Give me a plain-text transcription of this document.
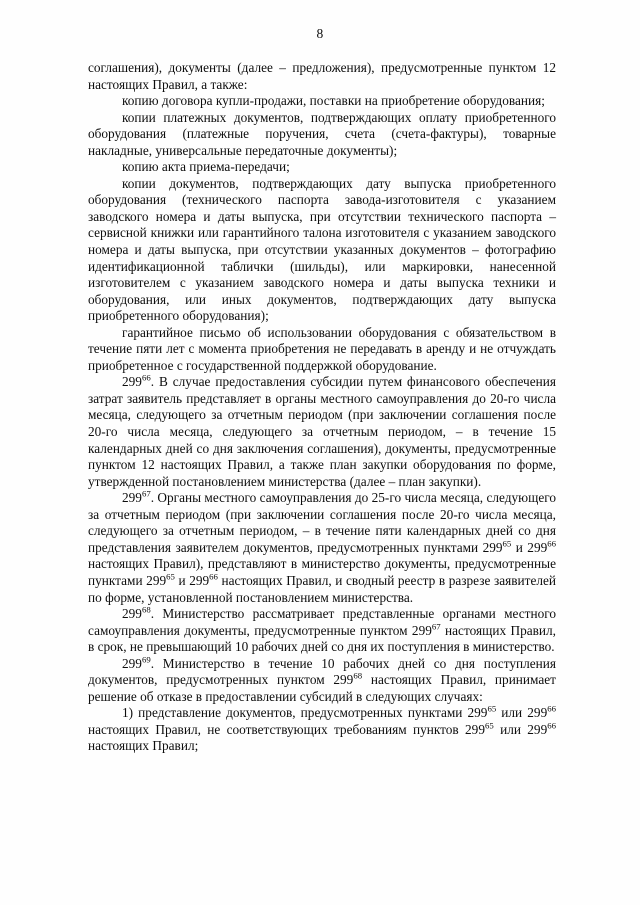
8

соглашения), документы (далее – предложения), предусмотренные пунктом 12 настоящих Правил, а также:

копию договора купли-продажи, поставки на приобретение оборудования;

копии платежных документов, подтверждающих оплату приобретенного оборудования (платежные поручения, счета (счета-фактуры), товарные накладные, универсальные передаточные документы);

копию акта приема-передачи;

копии документов, подтверждающих дату выпуска приобретенного оборудования (технического паспорта завода-изготовителя с указанием заводского номера и даты выпуска, при отсутствии технического паспорта – сервисной книжки или гарантийного талона изготовителя с указанием заводского номера и даты выпуска, при отсутствии указанных документов – фотографию идентификационной таблички (шильды), или маркировки, нанесенной изготовителем с указанием заводского номера и даты выпуска техники и оборудования, или иных документов, подтверждающих дату выпуска приобретенного оборудования);

гарантийное письмо об использовании оборудования с обязательством в течение пяти лет с момента приобретения не передавать в аренду и не отчуждать приобретенное с государственной поддержкой оборудование.

$299^{66}$. В случае предоставления субсидии путем финансового обеспечения затрат заявитель представляет в органы местного самоуправления до 20-го числа месяца, следующего за отчетным периодом (при заключении соглашения после 20-го числа месяца, следующего за отчетным периодом, – в течение 15 календарных дней со дня заключения соглашения), документы, предусмотренные пунктом 12 настоящих Правил, а также план закупки оборудования по форме, утвержденной постановлением министерства (далее – план закупки).

$299^{67}$. Органы местного самоуправления до 25-го числа месяца, следующего за отчетным периодом (при заключении соглашения после 20-го числа месяца, следующего за отчетным периодом, – в течение пяти календарных дней со дня представления заявителем документов, предусмотренных пунктами $299^{65}$ и $299^{66}$ настоящих Правил), представляют в министерство документы, предусмотренные пунктами $299^{65}$ и $299^{66}$ настоящих Правил, и сводный реестр в разрезе заявителей по форме, установленной постановлением министерства.

$299^{68}$. Министерство рассматривает представленные органами местного самоуправления документы, предусмотренные пунктом $299^{67}$ настоящих Правил, в срок, не превышающий 10 рабочих дней со дня их поступления в министерство.

$299^{69}$. Министерство в течение 10 рабочих дней со дня поступления документов, предусмотренных пунктом $299^{68}$ настоящих Правил, принимает решение об отказе в предоставлении субсидий в следующих случаях:

1) представление документов, предусмотренных пунктами $299^{65}$ или $299^{66}$ настоящих Правил, не соответствующих требованиям пунктов $299^{65}$ или $299^{66}$ настоящих Правил;
